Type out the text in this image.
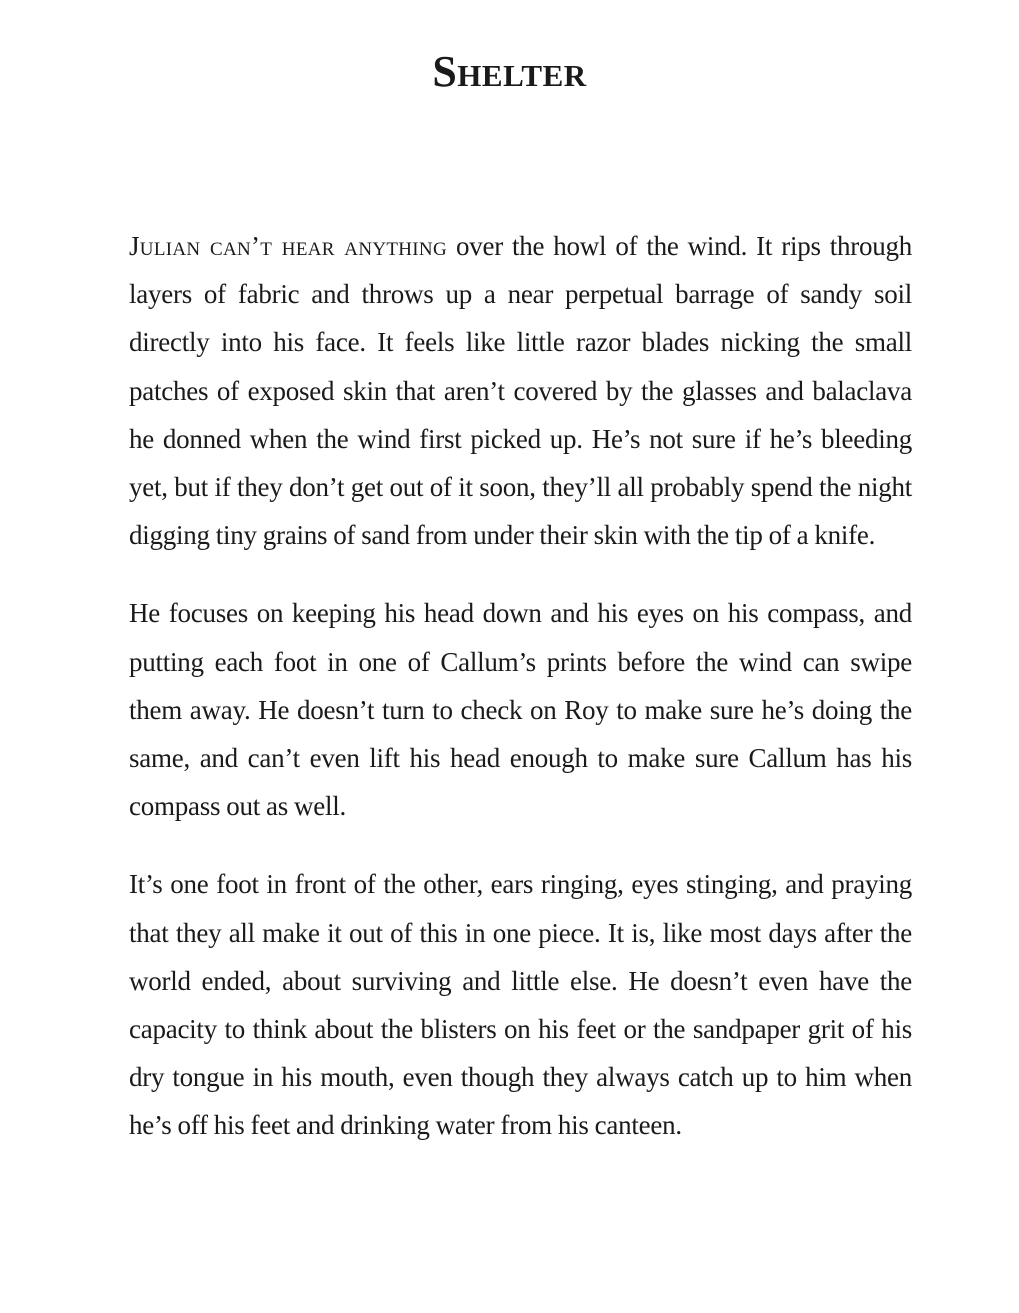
Shelter

Julian can’t hear anything over the howl of the wind. It rips through layers of fabric and throws up a near perpetual barrage of sandy soil directly into his face. It feels like little razor blades nicking the small patches of exposed skin that aren’t covered by the glasses and balaclava he donned when the wind first picked up. He’s not sure if he’s bleeding yet, but if they don’t get out of it soon, they’ll all probably spend the night digging tiny grains of sand from under their skin with the tip of a knife.

He focuses on keeping his head down and his eyes on his compass, and putting each foot in one of Callum’s prints before the wind can swipe them away. He doesn’t turn to check on Roy to make sure he’s doing the same, and can’t even lift his head enough to make sure Callum has his compass out as well.

It’s one foot in front of the other, ears ringing, eyes stinging, and praying that they all make it out of this in one piece. It is, like most days after the world ended, about surviving and little else. He doesn’t even have the capacity to think about the blisters on his feet or the sandpaper grit of his dry tongue in his mouth, even though they always catch up to him when he’s off his feet and drinking water from his canteen.
